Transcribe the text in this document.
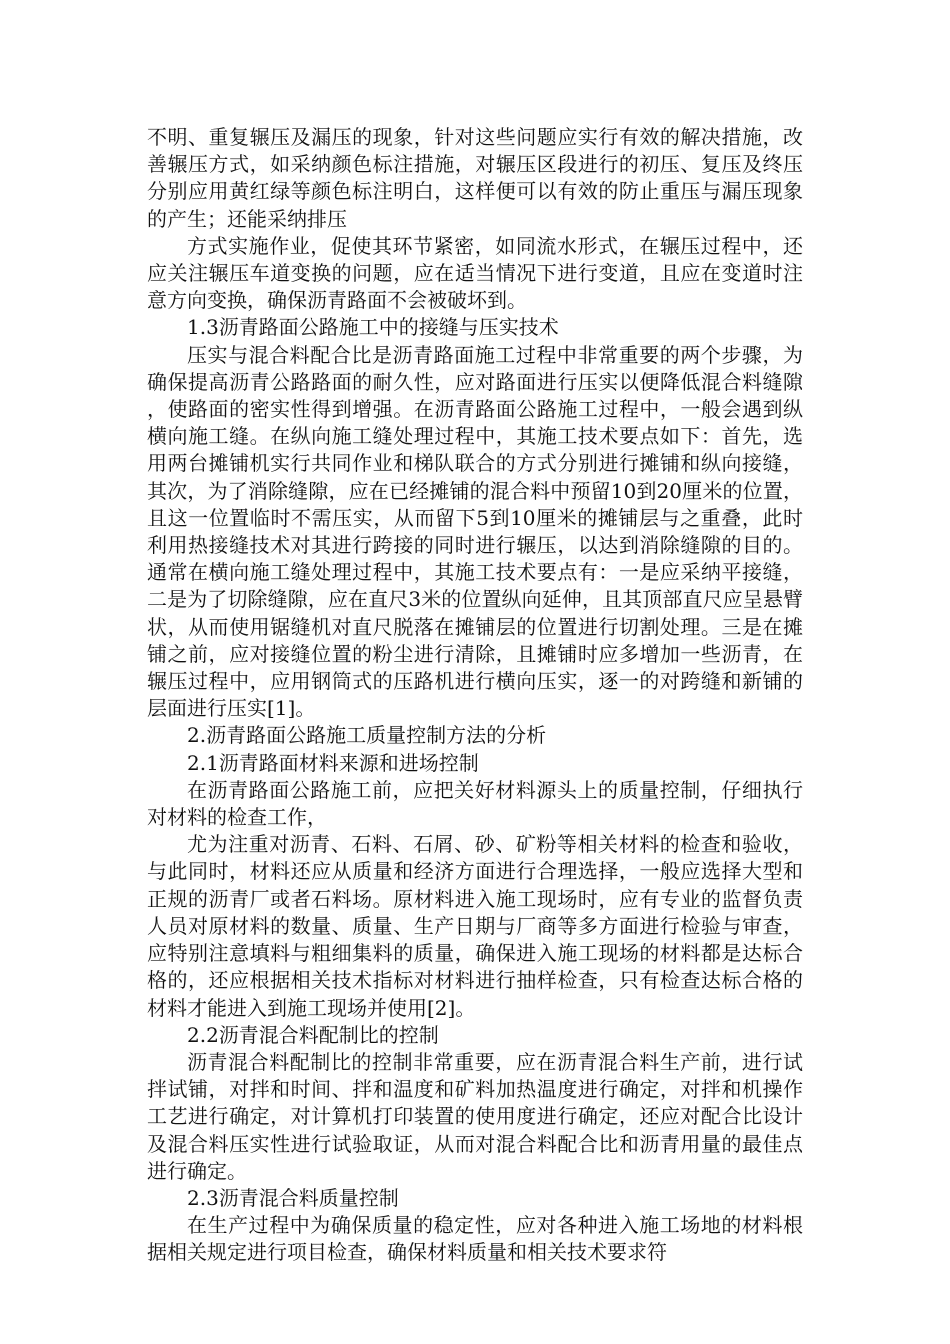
不明、重复辗压及漏压的现象，针对这些问题应实行有效的解决措施，改善辗压方式，如采纳颜色标注措施，对辗压区段进行的初压、复压及终压分别应用黄红绿等颜色标注明白，这样便可以有效的防止重压与漏压现象的产生；还能采纳排压

方式实施作业，促使其环节紧密，如同流水形式，在辗压过程中，还应关注辗压车道变换的问题，应在适当情况下进行变道，且应在变道时注意方向变换，确保沥青路面不会被破坏到。

1.3沥青路面公路施工中的接缝与压实技术

压实与混合料配合比是沥青路面施工过程中非常重要的两个步骤，为确保提高沥青公路路面的耐久性，应对路面进行压实以便降低混合料缝隙，使路面的密实性得到增强。在沥青路面公路施工过程中，一般会遇到纵横向施工缝。在纵向施工缝处理过程中，其施工技术要点如下：首先，选用两台摊铺机实行共同作业和梯队联合的方式分别进行摊铺和纵向接缝，其次，为了消除缝隙，应在已经摊铺的混合料中预留10到20厘米的位置，且这一位置临时不需压实，从而留下5到10厘米的摊铺层与之重叠，此时利用热接缝技术对其进行跨接的同时进行辗压，以达到消除缝隙的目的。通常在横向施工缝处理过程中，其施工技术要点有：一是应采纳平接缝，二是为了切除缝隙，应在直尺3米的位置纵向延伸，且其顶部直尺应呈悬臂状，从而使用锯缝机对直尺脱落在摊铺层的位置进行切割处理。三是在摊铺之前，应对接缝位置的粉尘进行清除，且摊铺时应多增加一些沥青，在辗压过程中，应用钢筒式的压路机进行横向压实，逐一的对跨缝和新铺的层面进行压实[1]。

2.沥青路面公路施工质量控制方法的分析

2.1沥青路面材料来源和进场控制

在沥青路面公路施工前，应把关好材料源头上的质量控制，仔细执行对材料的检查工作，

尤为注重对沥青、石料、石屑、砂、矿粉等相关材料的检查和验收，与此同时，材料还应从质量和经济方面进行合理选择，一般应选择大型和正规的沥青厂或者石料场。原材料进入施工现场时，应有专业的监督负责人员对原材料的数量、质量、生产日期与厂商等多方面进行检验与审查，应特别注意填料与粗细集料的质量，确保进入施工现场的材料都是达标合格的，还应根据相关技术指标对材料进行抽样检查，只有检查达标合格的材料才能进入到施工现场并使用[2]。

2.2沥青混合料配制比的控制

沥青混合料配制比的控制非常重要，应在沥青混合料生产前，进行试拌试铺，对拌和时间、拌和温度和矿料加热温度进行确定，对拌和机操作工艺进行确定，对计算机打印装置的使用度进行确定，还应对配合比设计及混合料压实性进行试验取证，从而对混合料配合比和沥青用量的最佳点进行确定。

2.3沥青混合料质量控制

在生产过程中为确保质量的稳定性，应对各种进入施工场地的材料根据相关规定进行项目检查，确保材料质量和相关技术要求符
